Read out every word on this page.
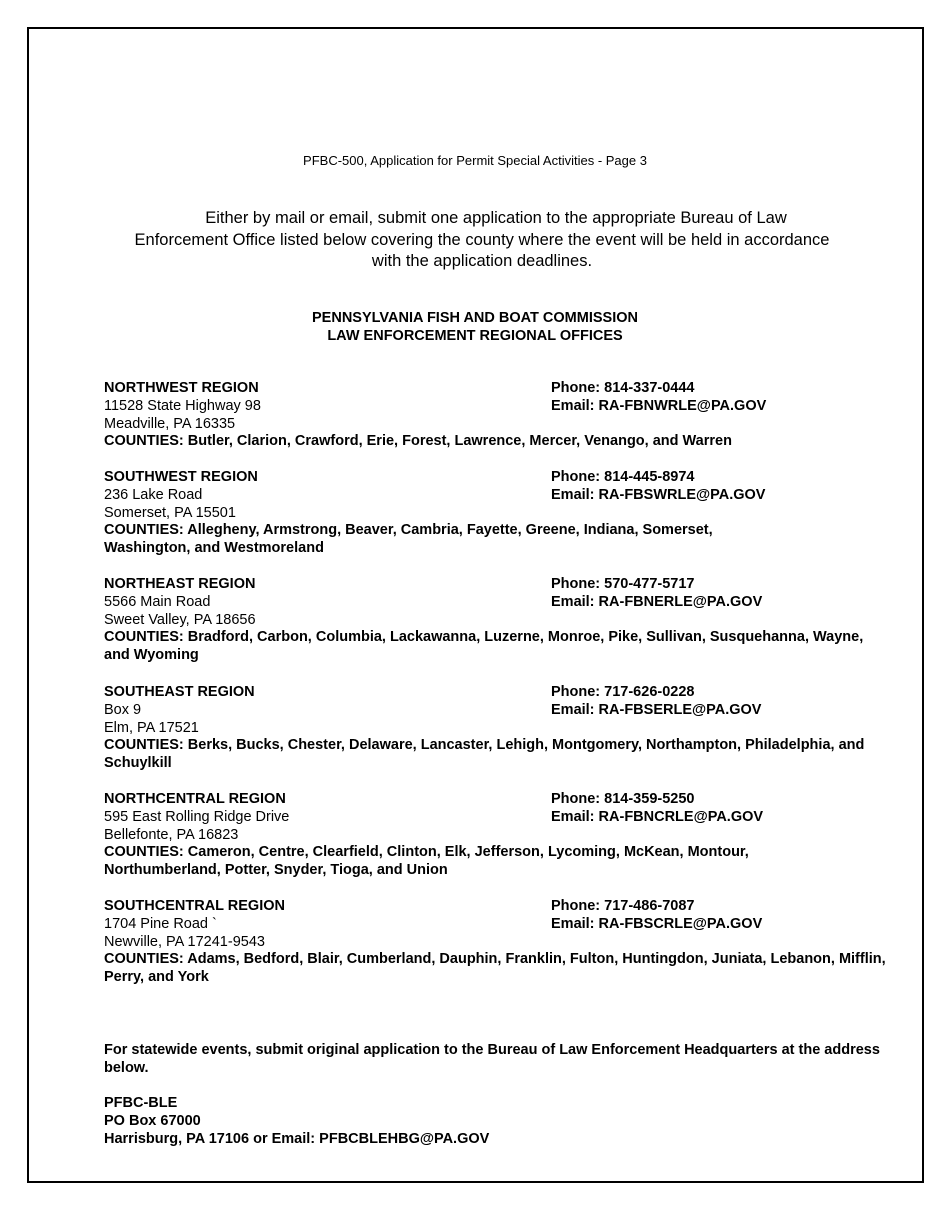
PFBC-500, Application for Permit Special Activities - Page 3
Either by mail or email, submit one application to the appropriate Bureau of Law Enforcement Office listed below covering the county where the event will be held in accordance with the application deadlines.
PENNSYLVANIA FISH AND BOAT COMMISSION
LAW ENFORCEMENT REGIONAL OFFICES
NORTHWEST REGION	Phone: 814-337-0444
11528 State Highway 98	Email: RA-FBNWRLE@PA.GOV
Meadville, PA 16335
COUNTIES: Butler, Clarion, Crawford, Erie, Forest, Lawrence, Mercer, Venango, and Warren
SOUTHWEST REGION	Phone: 814-445-8974
236 Lake Road	Email: RA-FBSWRLE@PA.GOV
Somerset, PA 15501
COUNTIES: Allegheny, Armstrong, Beaver, Cambria, Fayette, Greene, Indiana, Somerset, Washington, and Westmoreland
NORTHEAST REGION	Phone: 570-477-5717
5566 Main Road	Email: RA-FBNERLE@PA.GOV
Sweet Valley, PA 18656
COUNTIES: Bradford, Carbon, Columbia, Lackawanna, Luzerne, Monroe, Pike, Sullivan, Susquehanna, Wayne, and Wyoming
SOUTHEAST REGION	Phone: 717-626-0228
Box 9	Email: RA-FBSERLE@PA.GOV
Elm, PA 17521
COUNTIES: Berks, Bucks, Chester, Delaware, Lancaster, Lehigh, Montgomery, Northampton, Philadelphia, and Schuylkill
NORTHCENTRAL REGION	Phone: 814-359-5250
595 East Rolling Ridge Drive	Email: RA-FBNCRLE@PA.GOV
Bellefonte, PA 16823
COUNTIES: Cameron, Centre, Clearfield, Clinton, Elk, Jefferson, Lycoming, McKean, Montour, Northumberland, Potter, Snyder, Tioga, and Union
SOUTHCENTRAL REGION	Phone: 717-486-7087
1704 Pine Road `	Email: RA-FBSCRLE@PA.GOV
Newville, PA 17241-9543
COUNTIES: Adams, Bedford, Blair, Cumberland, Dauphin, Franklin, Fulton, Huntingdon, Juniata, Lebanon, Mifflin, Perry, and York
For statewide events, submit original application to the Bureau of Law Enforcement Headquarters at the address below.
PFBC-BLE
PO Box 67000
Harrisburg, PA 17106 or Email: PFBCBLEHBG@PA.GOV
